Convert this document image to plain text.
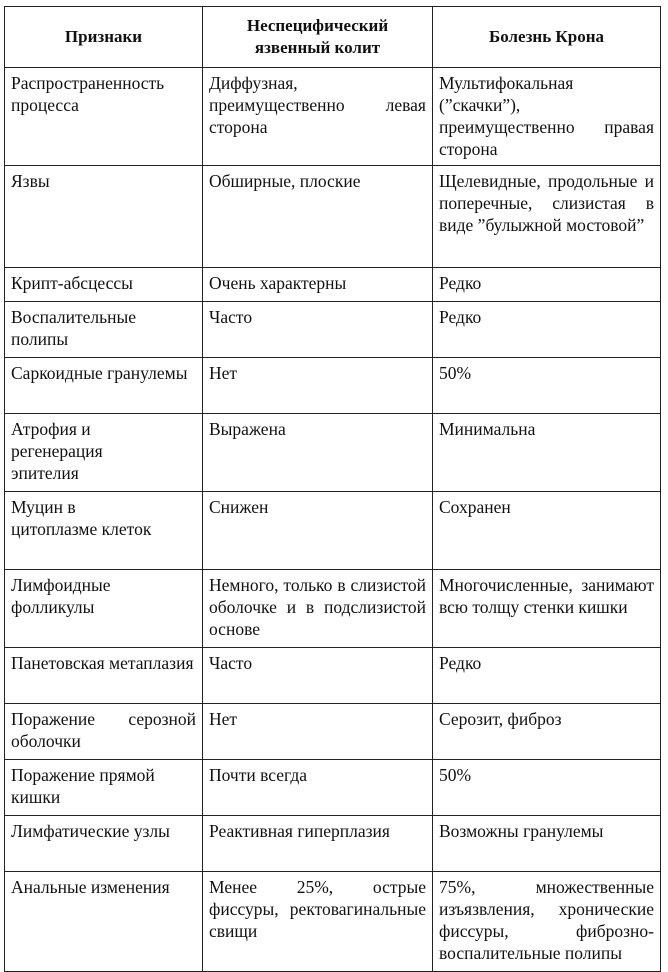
Признаки	Неспецифический язвенный колит	Болезнь Крона
Распространенность процесса	Диффузная, преимущественно левая сторона	Мультифокальная (”скачки”), преимущественно правая сторона
Язвы	Обширные, плоские	Щелевидные, продольные и поперечные, слизистая в виде ”булыжной мостовой”
Крипт-абсцессы	Очень характерны	Редко
Воспалительные полипы	Часто	Редко
Саркоидные гранулемы	Нет	50%
Атрофия и регенерация эпителия	Выражена	Минимальна
Муцин в цитоплазме клеток	Снижен	Сохранен
Лимфоидные фолликулы	Немного, только в слизистой оболочке и в подслизистой основе	Многочисленные, занимают всю толщу стенки кишки
Панетовская метаплазия	Часто	Редко
Поражение серозной оболочки	Нет	Серозит, фиброз
Поражение прямой кишки	Почти всегда	50%
Лимфатические узлы	Реактивная гиперплазия	Возможны гранулемы
Анальные изменения	Менее 25%, острые фиссуры, ректовагинальные свищи	75%, множественные изъязвления, хронические фиссуры, фиброзно-воспалительные полипы
